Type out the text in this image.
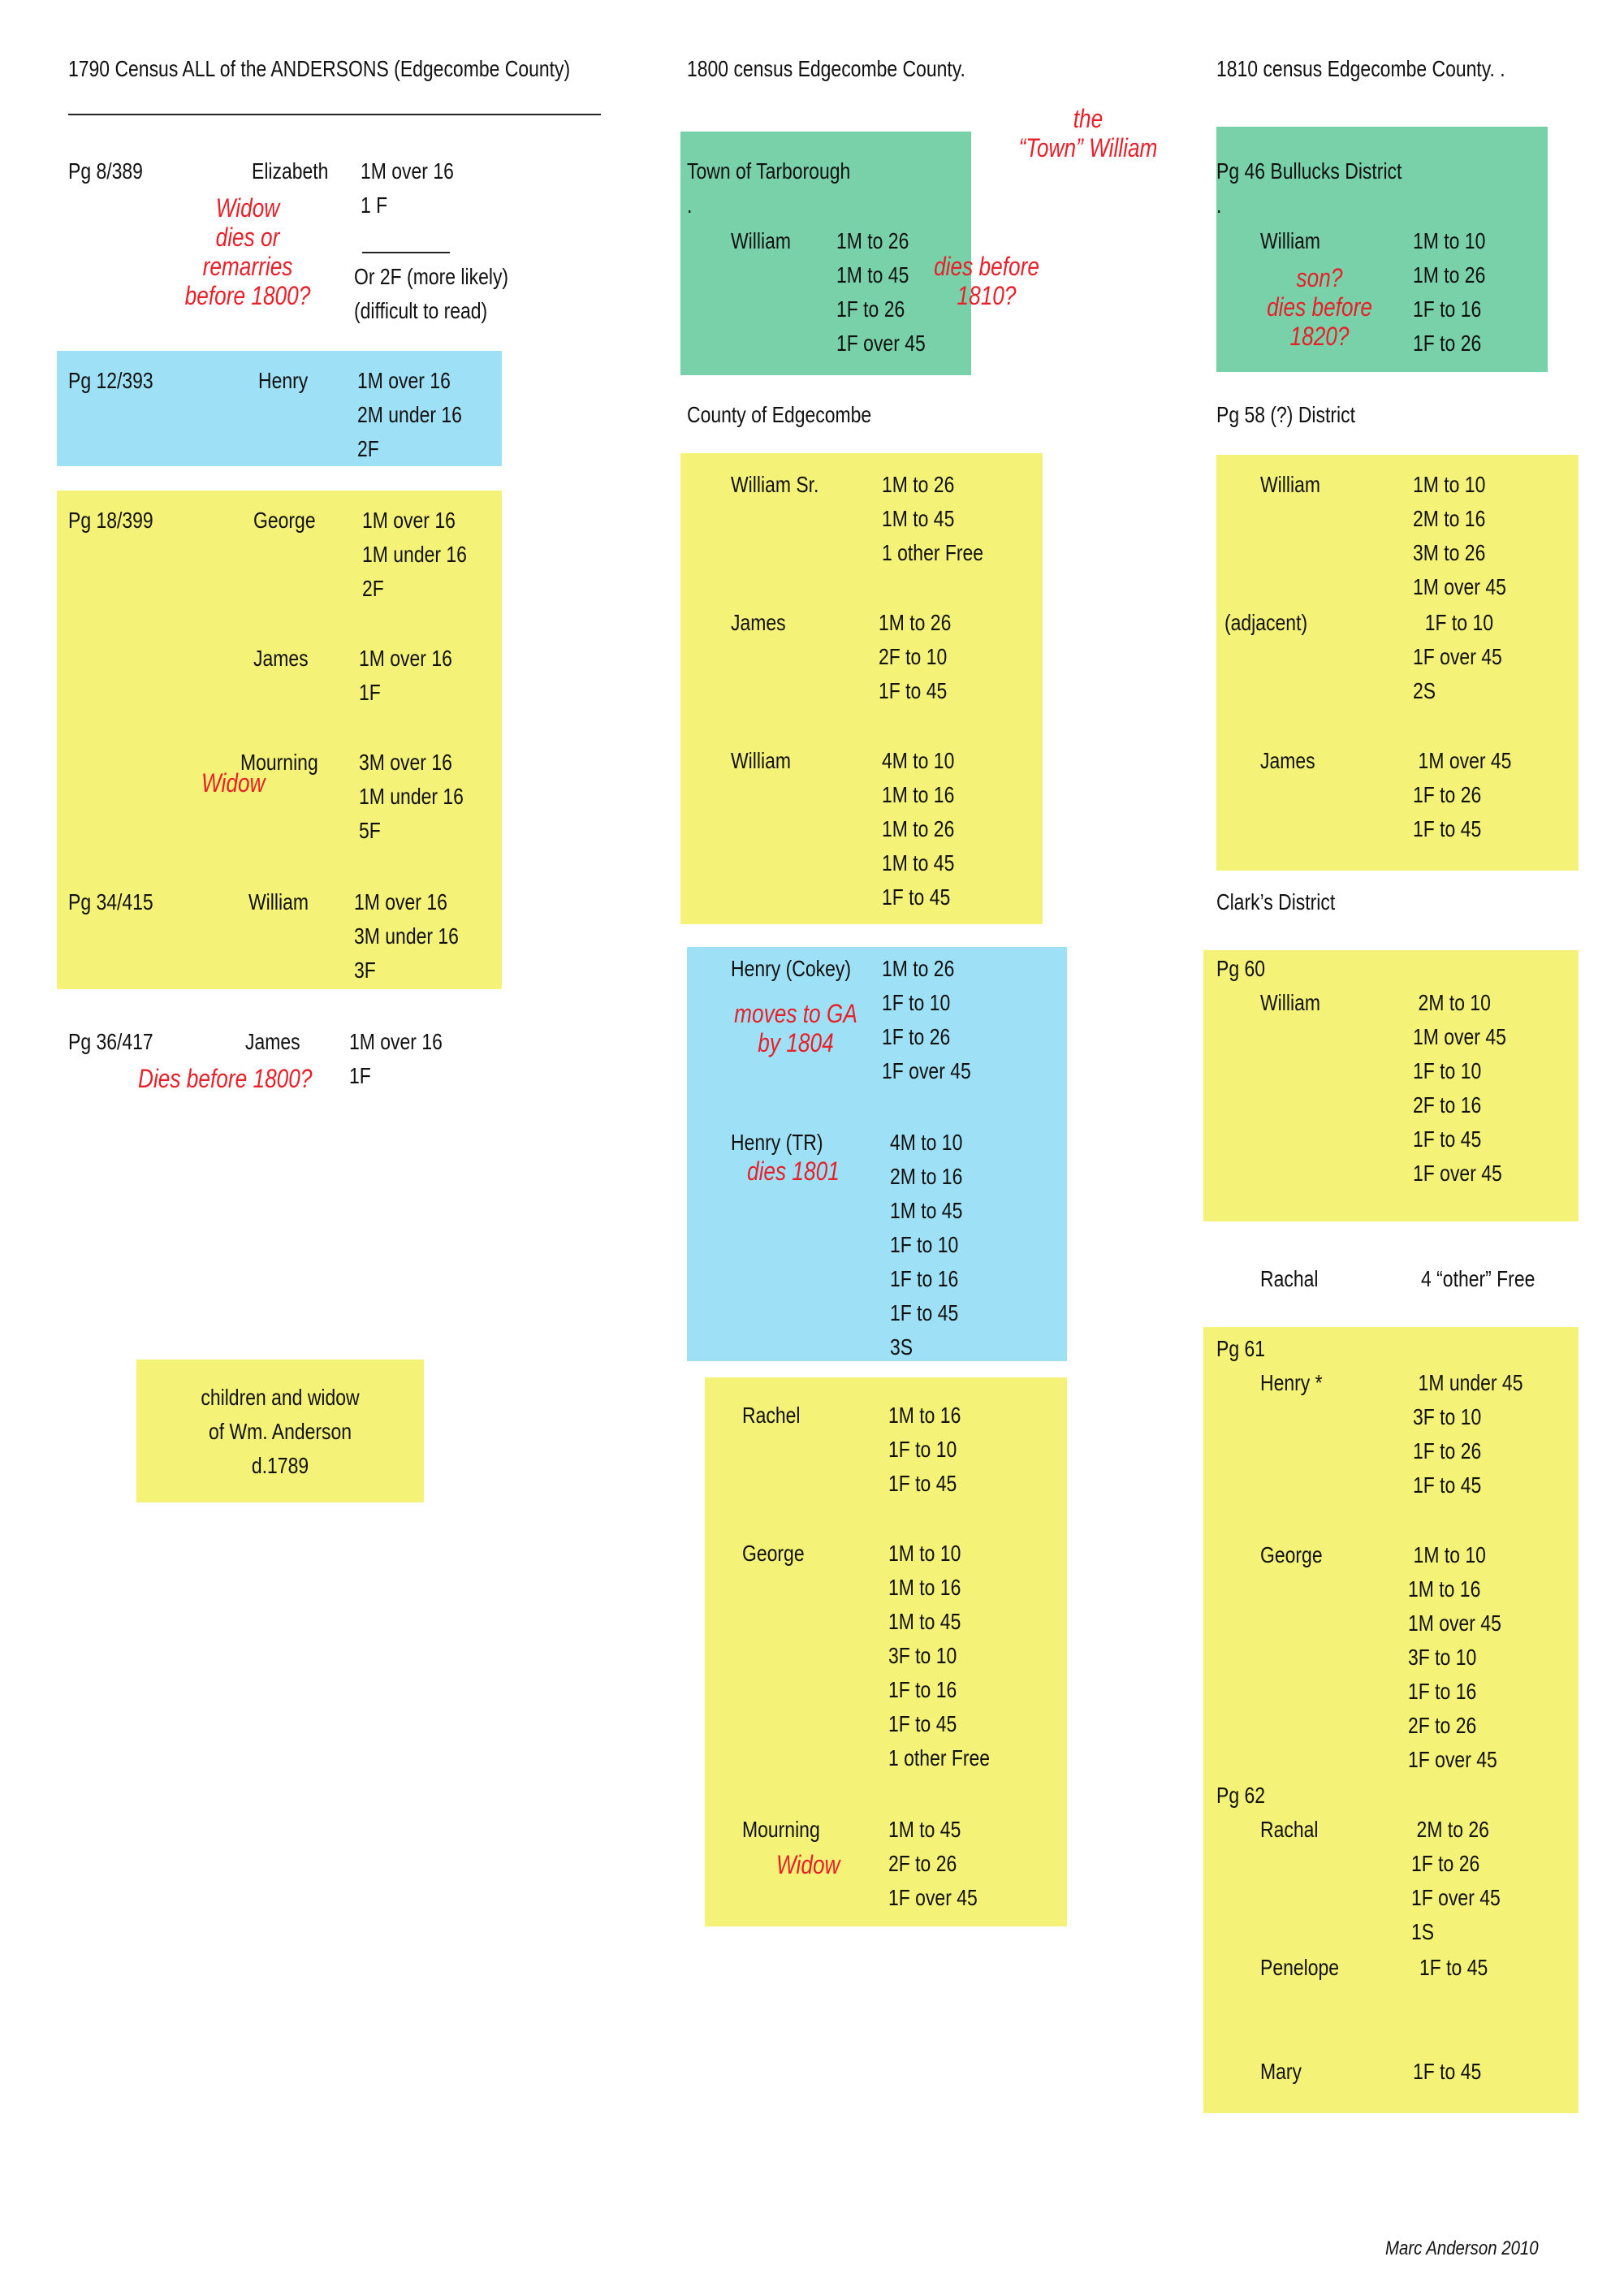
1790 Census ALL of the ANDERSONS (Edgecombe County)
Pg 8/389	Elizabeth 1M over 16
1 F
Widow
dies or remarries
before 1800?
Or 2F (more likely)
(difficult to read)
Pg 12/393	Henry 1M over 16
2M under 16
2F
Pg 18/399	George 1M over 16
1M under 16
2F
James 1M over 16
1F
Mourning
Widow
3M over 16
1M under 16
5F
Pg 34/415	William 1M over 16
3M under 16
3F
Pg 36/417	James 1M over 16
1F
Dies before 1800?
children and widow
of Wm. Anderson
d.1789
1800 census Edgecombe County.
the
“Town” William
Town of Tarborough
.
William 1M to 26
1M to 45
1F to 26
1F over 45
dies before
1810?
County of Edgecombe
William Sr.	1M to 26
1M to 45
1 other Free
James	1M to 26
2F to 10
1F to 45
William	4M to 10
1M to 16
1M to 26
1M to 45
1F to 45
Henry (Cokey) 1M to 26
1F to 10
1F to 26
1F over 45
moves to GA
by 1804
Henry (TR)	4M to 10
2M to 16
1M to 45
1F to 10
1F to 16
1F to 45
3S
dies 1801
Rachel	1M to 16
1F to 10
1F to 45
George	1M to 10
1M to 16
1M to 45
3F to 10
1F to 16
1F to 45
1 other Free
Mourning
Widow
1M to 45
2F to 26
1F over 45
1810 census Edgecombe County. .
Pg 46 Bullucks District
.
William	1M to 10
1M to 26
1F to 16
1F to 26
son?
dies before
1820?
Pg 58 (?) District
William	1M to 10
2M to 16
3M to 26
1M over 45
(adjacent)	1F to 10
1F over 45
2S
James	1M over 45
1F to 26
1F to 45
Clark’s District
Pg 60
William	2M to 10
1M over 45
1F to 10
2F to 16
1F to 45
1F over 45
Rachal	4 “other” Free
Pg 61
Henry *	1M under 45
3F to 10
1F to 26
1F to 45
George	1M to 10
1M to 16
1M over 45
3F to 10
1F to 16
2F to 26
1F over 45
Pg 62
Rachal	2M to 26
1F to 26
1F over 45
1S
Penelope	1F to 45
Mary	1F to 45
Marc Anderson 2010
